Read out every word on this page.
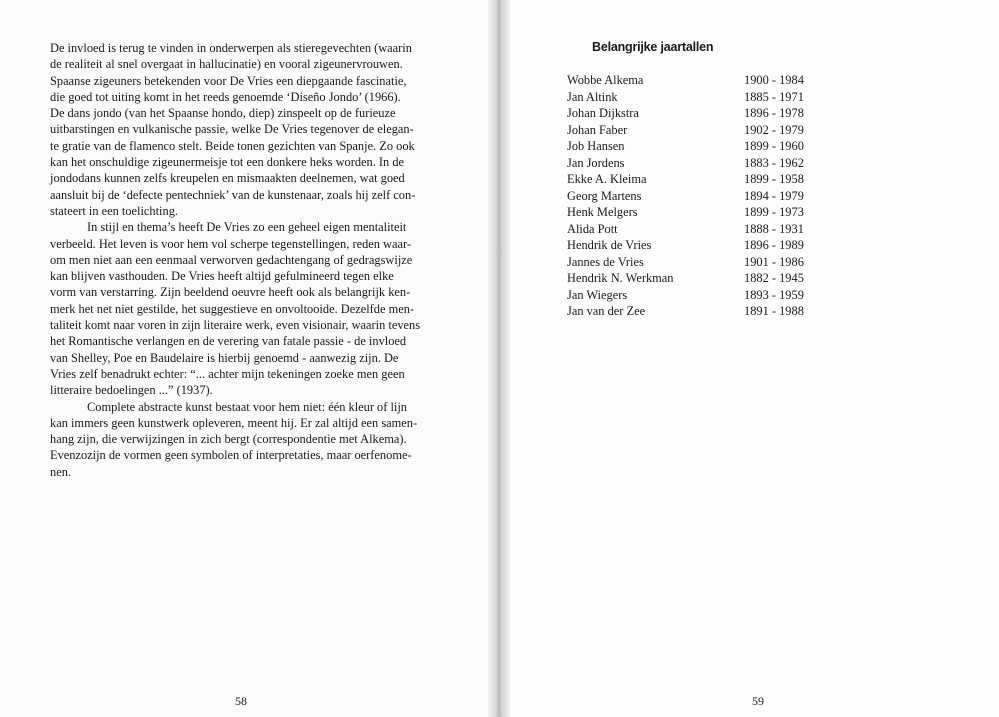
De invloed is terug te vinden in onderwerpen als stieregevechten (waarin
de realiteit al snel overgaat in hallucinatie) en vooral zigeunervrouwen.
Spaanse zigeuners betekenden voor De Vries een diepgaande fascinatie,
die goed tot uiting komt in het reeds genoemde ‘Diseño Jondo’ (1966).
De dans jondo (van het Spaanse hondo, diep) zinspeelt op de furieuze
uitbarstingen en vulkanische passie, welke De Vries tegenover de elegan-
te gratie van de flamenco stelt. Beide tonen gezichten van Spanje. Zo ook
kan het onschuldige zigeunermeisje tot een donkere heks worden. In de
jondodans kunnen zelfs kreupelen en mismaakten deelnemen, wat goed
aansluit bij de ‘defecte pentechniek’ van de kunstenaar, zoals hij zelf con-
stateert in een toelichting.
In stijl en thema’s heeft De Vries zo een geheel eigen mentaliteit
verbeeld. Het leven is voor hem vol scherpe tegenstellingen, reden waar-
om men niet aan een eenmaal verworven gedachtengang of gedragswijze
kan blijven vasthouden. De Vries heeft altijd gefulmineerd tegen elke
vorm van verstarring. Zijn beeldend oeuvre heeft ook als belangrijk ken-
merk het net niet gestilde, het suggestieve en onvoltooide. Dezelfde men-
taliteit komt naar voren in zijn literaire werk, even visionair, waarin tevens
het Romantische verlangen en de verering van fatale passie - de invloed
van Shelley, Poe en Baudelaire is hierbij genoemd - aanwezig zijn. De
Vries zelf benadrukt echter: “... achter mijn tekeningen zoeke men geen
litteraire bedoelingen ...” (1937).
Complete abstracte kunst bestaat voor hem niet: één kleur of lijn
kan immers geen kunstwerk opleveren, meent hij. Er zal altijd een samen-
hang zijn, die verwijzingen in zich bergt (correspondentie met Alkema).
Evenzozijn de vormen geen symbolen of interpretaties, maar oerfenome-
nen.
58
Belangrijke jaartallen
Wobbe Alkema	1900 - 1984
Jan Altink	1885 - 1971
Johan Dijkstra	1896 - 1978
Johan Faber	1902 - 1979
Job Hansen	1899 - 1960
Jan Jordens	1883 - 1962
Ekke A. Kleima	1899 - 1958
Georg Martens	1894 - 1979
Henk Melgers	1899 - 1973
Alida Pott	1888 - 1931
Hendrik de Vries	1896 - 1989
Jannes de Vries	1901 - 1986
Hendrik N. Werkman	1882 - 1945
Jan Wiegers	1893 - 1959
Jan van der Zee	1891 - 1988
59
